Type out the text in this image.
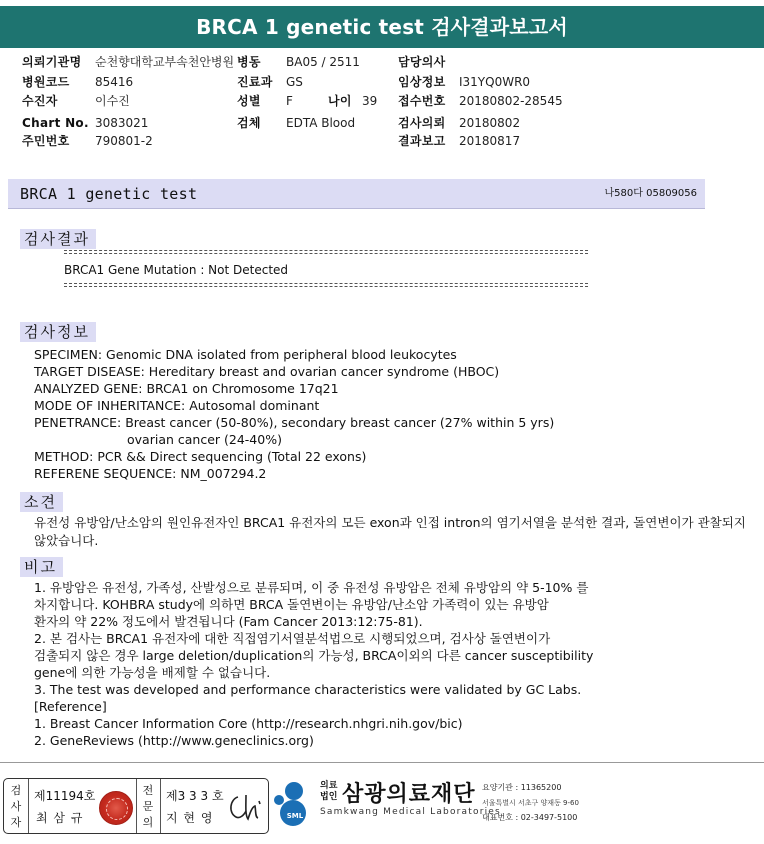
BRCA 1 genetic test 검사결과보고서
의뢰기관명 순천향대학교부속천안병원 병동 BA05 / 2511	담당의사
병원코드 85416	진료과 GS	임상정보 I31YQ0WR0
수진자	이수진	성별 F	나이 39 접수번호 20180802-28545
Chart No. 3083021	검체 EDTA Blood	검사의뢰 20180802
주민번호 790801-2	결과보고 20180817
BRCA 1 genetic test	나580다 05809056
검사결과
BRCA1 Gene Mutation : Not Detected
검사정보
SPECIMEN: Genomic DNA isolated from peripheral blood leukocytes
TARGET DISEASE: Hereditary breast and ovarian cancer syndrome (HBOC)
ANALYZED GENE: BRCA1 on Chromosome 17q21
MODE OF INHERITANCE: Autosomal dominant
PENETRANCE: Breast cancer (50-80%), secondary breast cancer (27% within 5 yrs)
ovarian cancer (24-40%)
METHOD: PCR && Direct sequencing (Total 22 exons)
REFERENE SEQUENCE: NM_007294.2
소견
유전성 유방암/난소암의 원인유전자인 BRCA1 유전자의 모든 exon과 인접 intron의 염기서열을 분석한 결과, 돌연변이가 관찰되지 않았습니다.
비고
1. 유방암은 유전성, 가족성, 산발성으로 분류되며, 이 중 유전성 유방암은 전체 유방암의 약 5-10% 를
차지합니다. KOHBRA study에 의하면 BRCA 돌연변이는 유방암/난소암 가족력이 있는 유방암
환자의 약 22% 정도에서 발견됩니다 (Fam Cancer 2013:12:75-81).
2. 본 검사는 BRCA1 유전자에 대한 직접염기서열분석법으로 시행되었으며, 검사상 돌연변이가
검출되지 않은 경우 large deletion/duplication의 가능성, BRCA이외의 다른 cancer susceptibility
gene에 의한 가능성을 배제할 수 없습니다.
3. The test was developed and performance characteristics were validated by GC Labs.
[Reference]
1. Breast Cancer Information Core (http://research.nhgri.nih.gov/bic)
2. GeneReviews (http://www.geneclinics.org)
검사자
제11194호
최 삼 규
전문의
제3 3 3 호
지 현 영	SML
의료
법인 삼광의료재단
Samkwang Medical Laboratories
요양기관 : 11365200
서울특별시 서초구 양재동 9-60
대표번호 : 02-3497-5100
